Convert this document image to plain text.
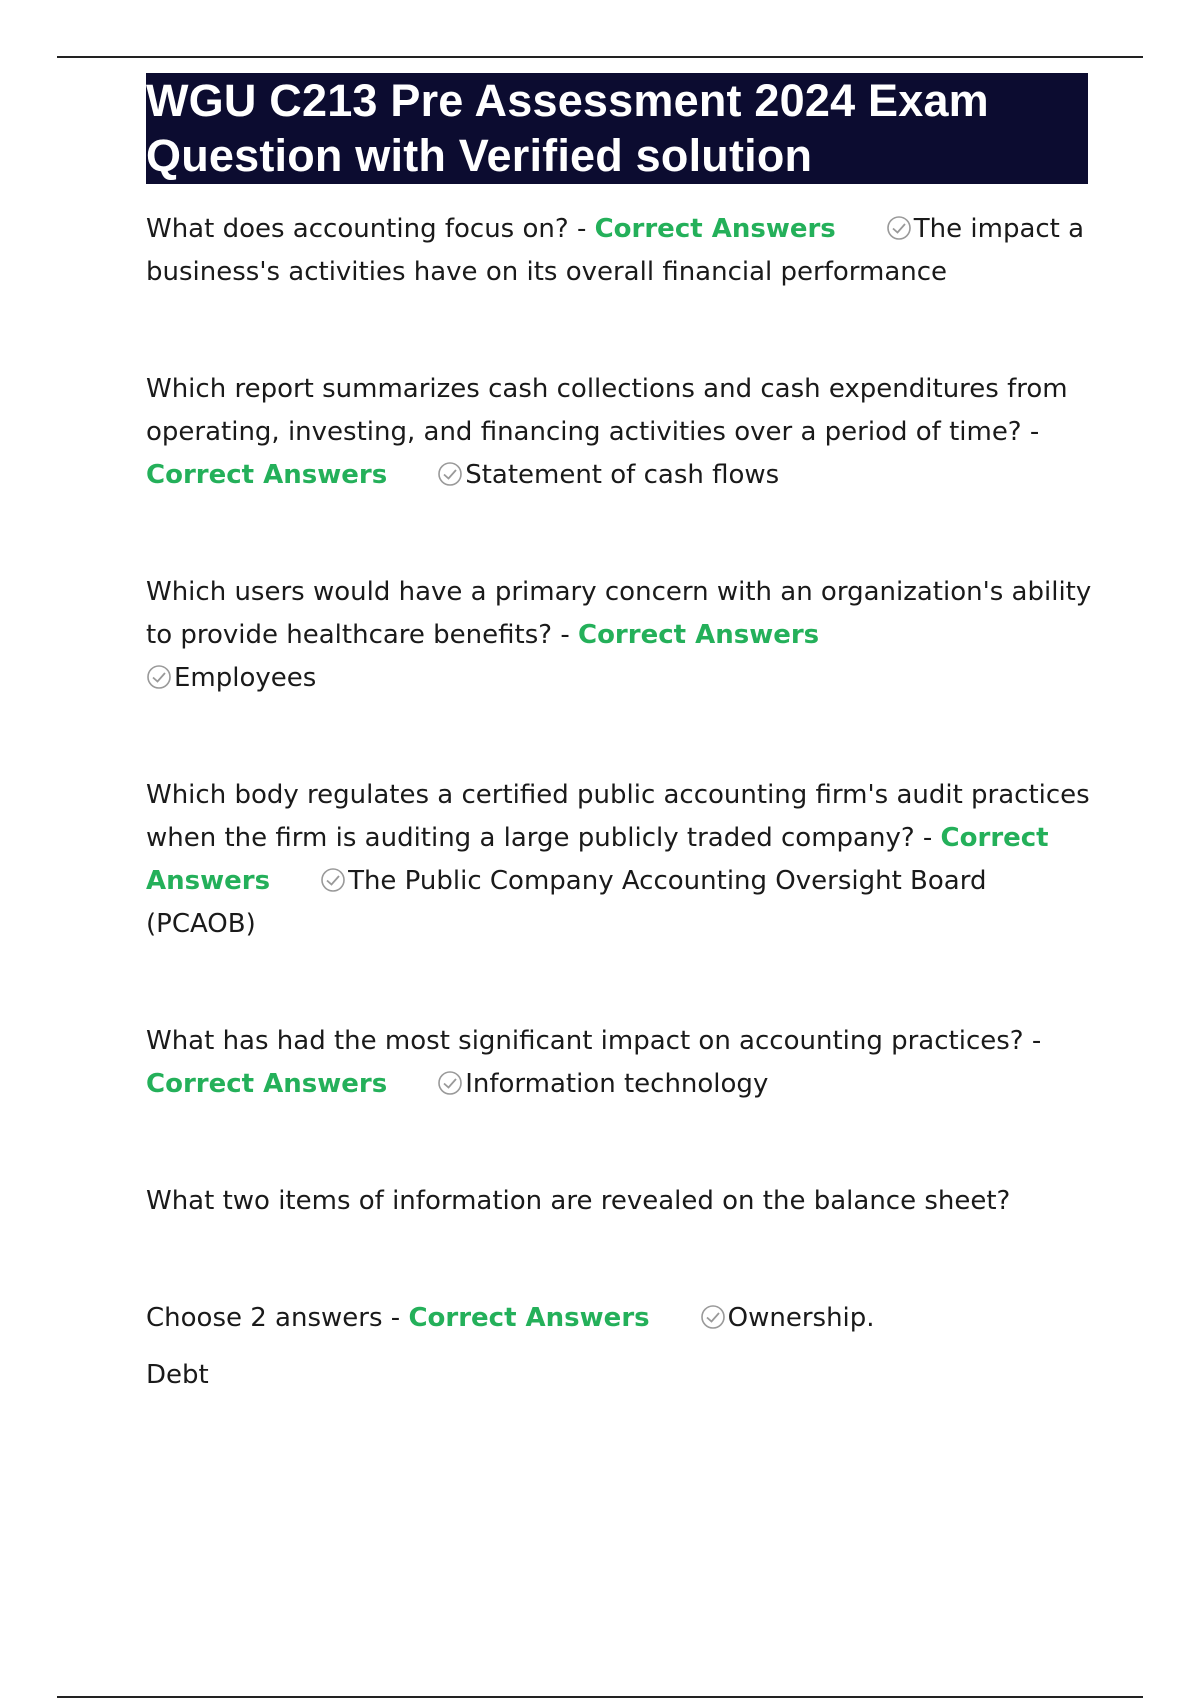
WGU C213 Pre Assessment 2024 Exam Question with Verified solution

What does accounting focus on? - Correct Answers	The impact a business's activities have on its overall financial performance

Which report summarizes cash collections and cash expenditures from operating, investing, and financing activities over a period of time? - Correct Answers	Statement of cash flows

Which users would have a primary concern with an organization's ability to provide healthcare benefits? - Correct Answers
Employees

Which body regulates a certified public accounting firm's audit practices when the firm is auditing a large publicly traded company? - Correct Answers	The Public Company Accounting Oversight Board (PCAOB)

What has had the most significant impact on accounting practices? - Correct Answers	Information technology

What two items of information are revealed on the balance sheet?

Choose 2 answers - Correct Answers	Ownership.

Debt
